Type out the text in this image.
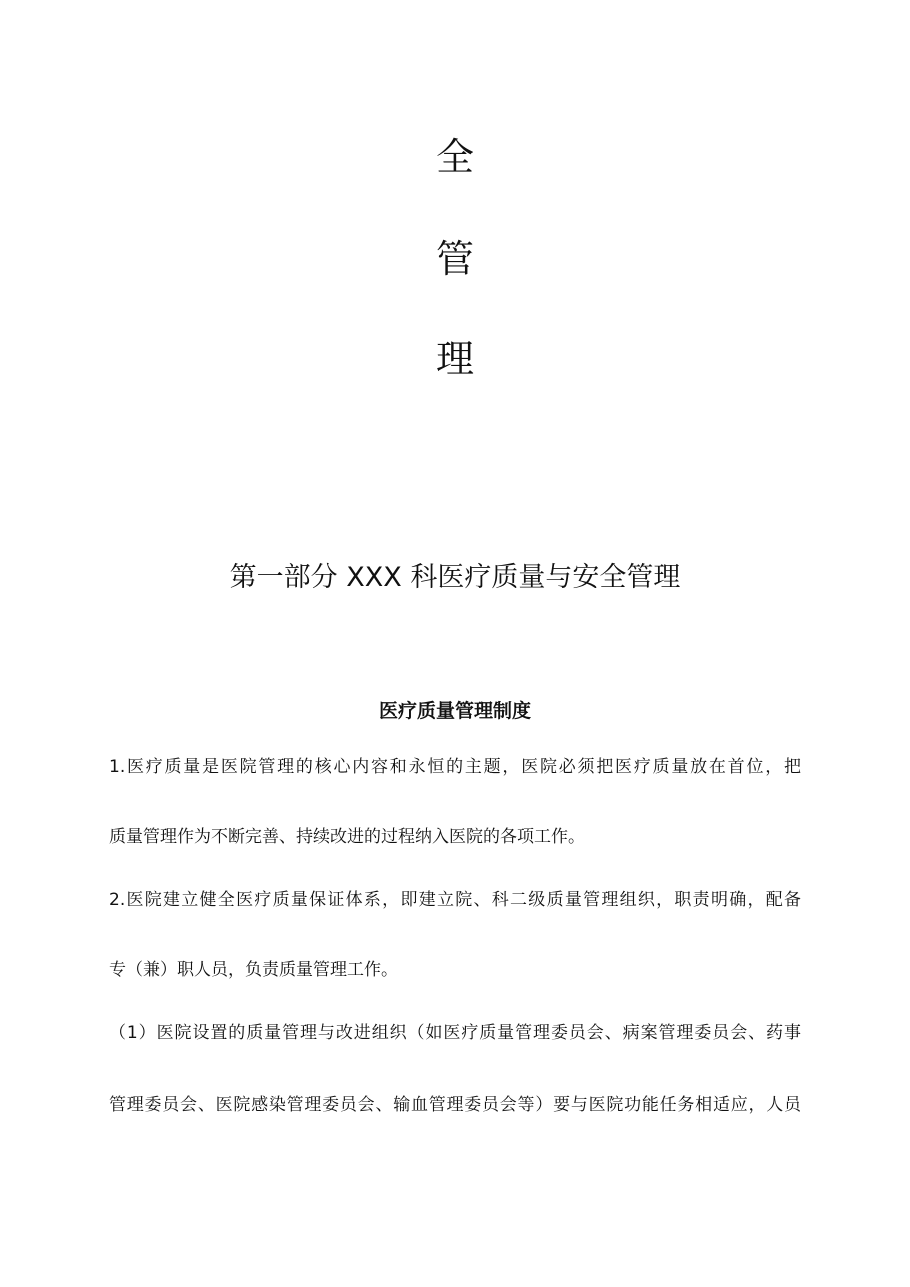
全
管
理
第一部分 XXX 科医疗质量与安全管理
医疗质量管理制度
1.医疗质量是医院管理的核心内容和永恒的主题，医院必须把医疗质量放在首位，把
质量管理作为不断完善、持续改进的过程纳入医院的各项工作。
2.医院建立健全医疗质量保证体系，即建立院、科二级质量管理组织，职责明确，配备
专（兼）职人员，负责质量管理工作。
（1）医院设置的质量管理与改进组织（如医疗质量管理委员会、病案管理委员会、药事
管理委员会、医院感染管理委员会、输血管理委员会等）要与医院功能任务相适应，人员
